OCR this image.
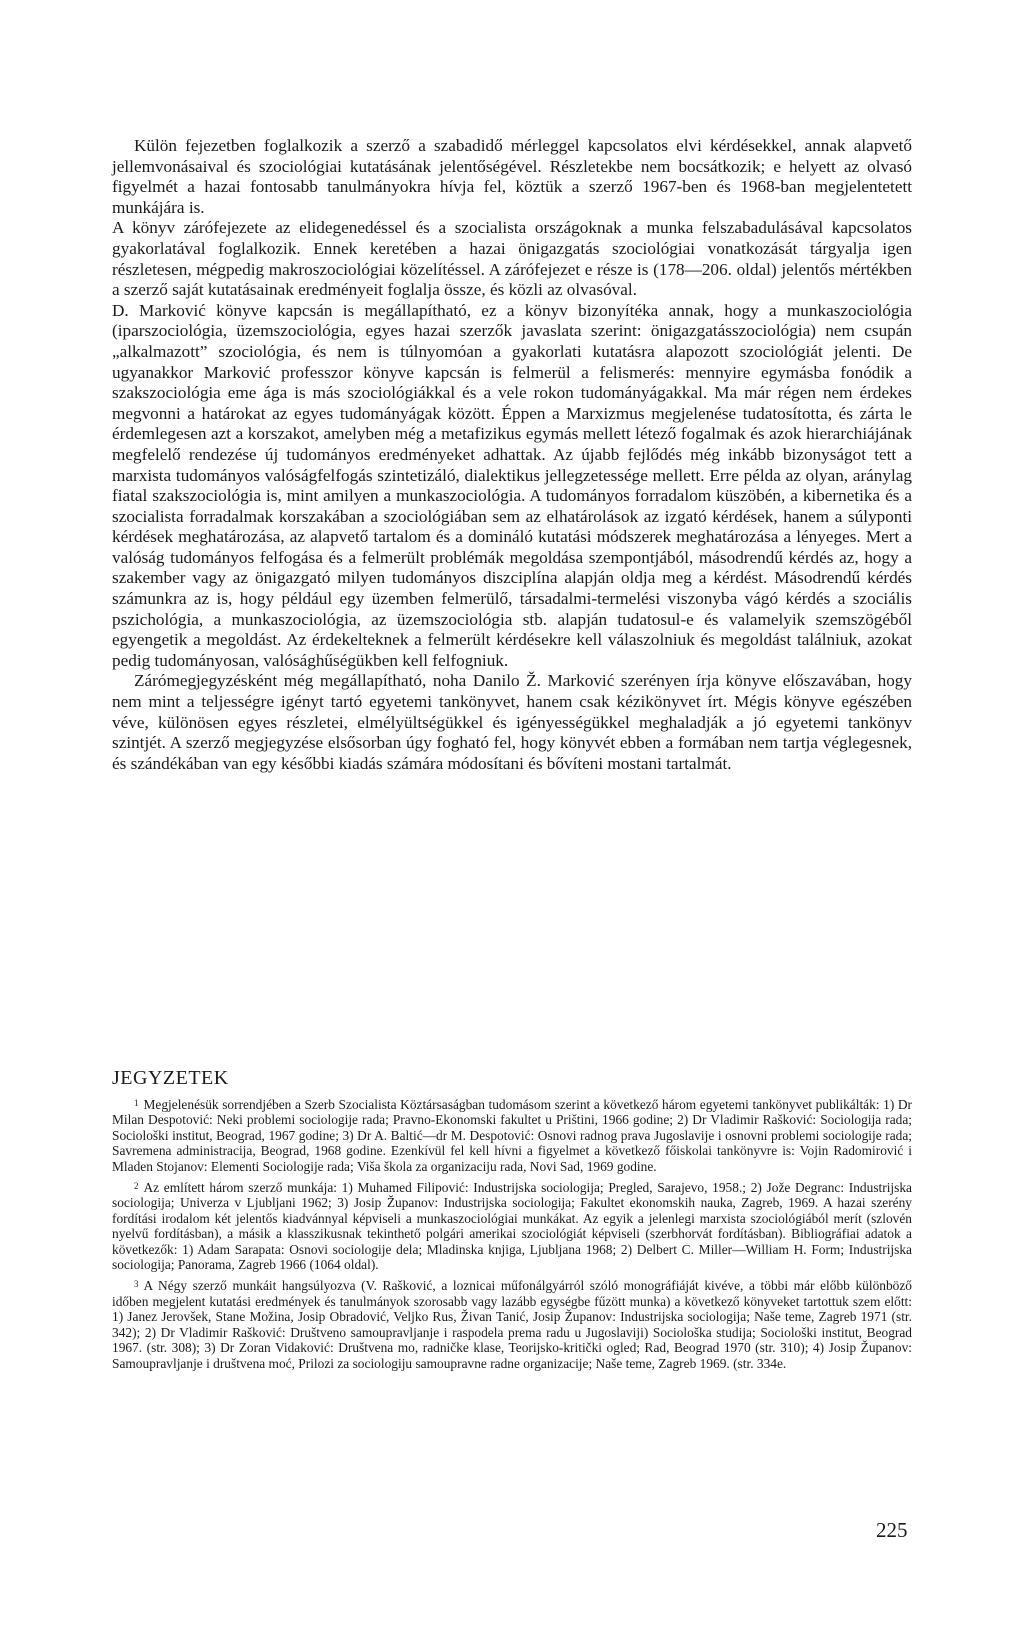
Külön fejezetben foglalkozik a szerző a szabadidő mérleggel kapcsolatos elvi kérdésekkel, annak alapvető jellemvonásaival és szociológiai kutatásának jelentőségével. Részletekbe nem bocsátkozik; e helyett az olvasó figyelmét a hazai fontosabb tanulmányokra hívja fel, köztük a szerző 1967-ben és 1968-ban megjelentetett munkájára is.

A könyv zárófejezete az elidegenedéssel és a szocialista országoknak a munka felszabadulásával kapcsolatos gyakorlatával foglalkozik. Ennek keretében a hazai önigazgatás szociológiai vonatkozását tárgyalja igen részletesen, mégpedig makroszociológiai közelítéssel. A zárófejezet e része is (178—206. oldal) jelentős mértékben a szerző saját kutatásainak eredményeit foglalja össze, és közli az olvasóval.

D. Marković könyve kapcsán is megállapítható, ez a könyv bizonyítéka annak, hogy a munkaszociológia (iparszociológia, üzemszociológia, egyes hazai szerzők javaslata szerint: önigazgatásszociológia) nem csupán „alkalmazott” szociológia, és nem is túlnyomóan a gyakorlati kutatásra alapozott szociológiát jelenti. De ugyanakkor Marković professzor könyve kapcsán is felmerül a felismerés: mennyire egymásba fonódik a szakszociológia eme ága is más szociológiákkal és a vele rokon tudományágakkal. Ma már régen nem érdekes megvonni a határokat az egyes tudományágak között. Éppen a Marxizmus megjelenése tudatosította, és zárta le érdemlegesen azt a korszakot, amelyben még a metafizikus egymás mellett létező fogalmak és azok hierarchiájának megfelelő rendezése új tudományos eredményeket adhattak. Az újabb fejlődés még inkább bizonyságot tett a marxista tudományos valóságfelfogás szintetizáló, dialektikus jellegzetessége mellett. Erre példa az olyan, aránylag fiatal szakszociológia is, mint amilyen a munkaszociológia. A tudományos forradalom küszöbén, a kibernetika és a szocialista forradalmak korszakában a szociológiában sem az elhatárolások az izgató kérdések, hanem a súlyponti kérdések meghatározása, az alapvető tartalom és a domináló kutatási módszerek meghatározása a lényeges. Mert a valóság tudományos felfogása és a felmerült problémák megoldása szempontjából, másodrendű kérdés az, hogy a szakember vagy az önigazgató milyen tudományos diszciplína alapján oldja meg a kérdést. Másodrendű kérdés számunkra az is, hogy például egy üzemben felmerülő, társadalmi-termelési viszonyba vágó kérdés a szociális pszichológia, a munkaszociológia, az üzemszociológia stb. alapján tudatosul-e és valamelyik szemszögéből egyengetik a megoldást. Az érdekelteknek a felmerült kérdésekre kell válaszolniuk és megoldást találniuk, azokat pedig tudományosan, valósághűségükben kell felfogniuk.

Zárómegjegyzésként még megállapítható, noha Danilo Ž. Marković szerényen írja könyve előszavában, hogy nem mint a teljességre igényt tartó egyetemi tankönyvet, hanem csak kézikönyvet írt. Mégis könyve egészében véve, különösen egyes részletei, elmélyültségükkel és igényességükkel meghaladják a jó egyetemi tankönyv szintjét. A szerző megjegyzése elsősorban úgy fogható fel, hogy könyvét ebben a formában nem tartja véglegesnek, és szándékában van egy későbbi kiadás számára módosítani és bővíteni mostani tartalmát.

JEGYZETEK

$^1$ Megjelenésük sorrendjében a Szerb Szocialista Köztársaságban tudomásom szerint a következő három egyetemi tankönyvet publikálták: 1) Dr Milan Despotović: Neki problemi sociologije rada; Pravno-Ekonomski fakultet u Prištini, 1966 godine; 2) Dr Vladimir Rašković: Sociologija rada; Sociološki institut, Beograd, 1967 godine; 3) Dr A. Baltić—dr M. Despotović: Osnovi radnog prava Jugoslavije i osnovni problemi sociologije rada; Savremena administracija, Beograd, 1968 godine. Ezenkívül fel kell hívni a figyelmet a következő főiskolai tankönyvre is: Vojin Radomirović i Mladen Stojanov: Elementi Sociologije rada; Viša škola za organizaciju rada, Novi Sad, 1969 godine.

$^2$ Az említett három szerző munkája: 1) Muhamed Filipović: Industrijska sociologija; Pregled, Sarajevo, 1958.; 2) Jože Degranc: Industrijska sociologija; Univerza v Ljubljani 1962; 3) Josip Županov: Industrijska sociologija; Fakultet ekonomskih nauka, Zagreb, 1969. A hazai szerény fordítási irodalom két jelentős kiadvánnyal képviseli a munkaszociológiai munkákat. Az egyik a jelenlegi marxista szociológiából merít (szlovén nyelvű fordításban), a másik a klasszikusnak tekinthető polgári amerikai szociológiát képviseli (szerbhorvát fordításban). Bibliográfiai adatok a következők: 1) Adam Sarapata: Osnovi sociologije dela; Mladinska knjiga, Ljubljana 1968; 2) Delbert C. Miller—William H. Form; Industrijska sociologija; Panorama, Zagreb 1966 (1064 oldal).

$^3$ A Négy szerző munkáit hangsúlyozva (V. Rašković, a loznicai műfonálgyárról szóló monográfiáját kivéve, a többi már előbb különböző időben megjelent kutatási eredmények és tanulmányok szorosabb vagy lazább egységbe fűzött munka) a következő könyveket tartottuk szem előtt: 1) Janez Jerovšek, Stane Možina, Josip Obradović, Veljko Rus, Živan Tanić, Josip Županov: Industrijska sociologija; Naše teme, Zagreb 1971 (str. 342); 2) Dr Vladimir Rašković: Društveno samoupravljanje i raspodela prema radu u Jugoslaviji) Sociološka studija; Sociološki institut, Beograd 1967. (str. 308); 3) Dr Zoran Vidaković: Društvena mo, radničke klase, Teorijsko-kritički ogled; Rad, Beograd 1970 (str. 310); 4) Josip Županov: Samoupravljanje i društvena moć, Prilozi za sociologiju samoupravne radne organizacije; Naše teme, Zagreb 1969. (str. 334e.

225
